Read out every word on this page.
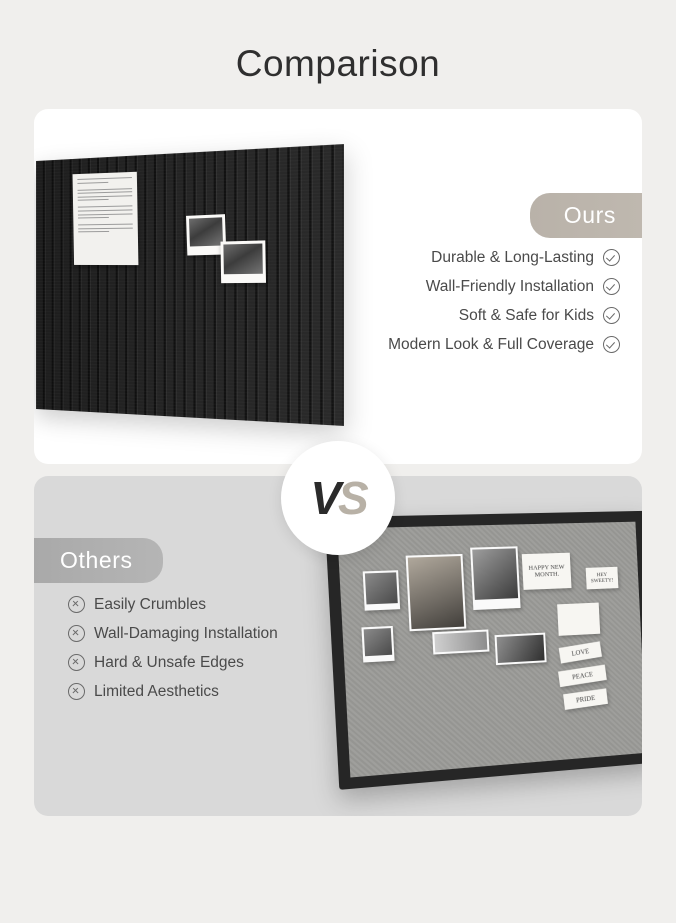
Comparison
Ours
Durable & Long-Lasting
Wall-Friendly Installation
Soft & Safe for Kids
Modern Look & Full Coverage
VS
Others
Easily Crumbles
Wall-Damaging Installation
Hard & Unsafe Edges
Limited Aesthetics
HAPPY NEW MONTH.	HEY SWEETY!
LOVE
PEACE
PRIDE
